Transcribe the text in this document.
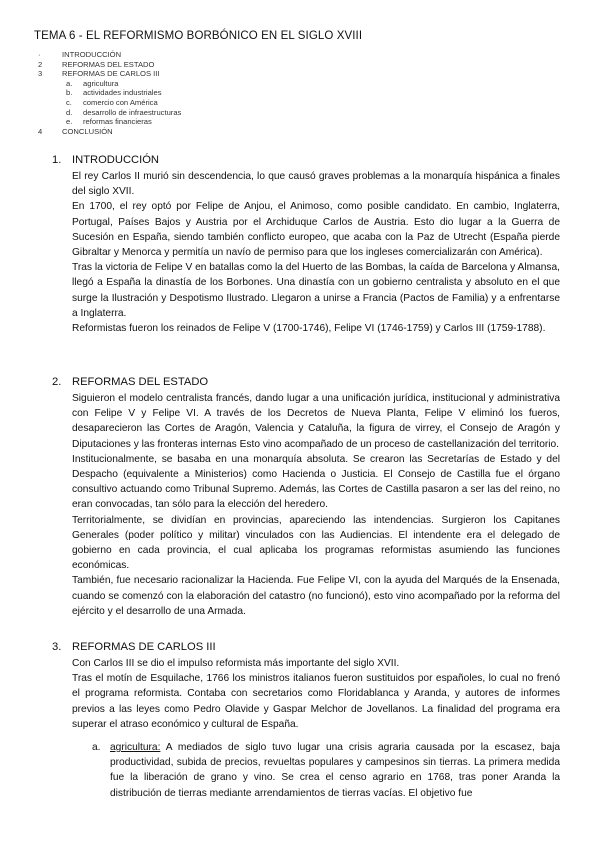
TEMA 6 - EL REFORMISMO BORBÓNICO EN EL SIGLO XVIII
·	INTRODUCCIÓN
2	REFORMAS DEL ESTADO
3	REFORMAS DE CARLOS III
a.	agricultura
b.	actividades industriales
c.	comercio con América
d.	desarrollo de infraestructuras
e.	reformas financieras
4	CONCLUSIÓN
1. INTRODUCCIÓN

El rey Carlos II murió sin descendencia, lo que causó graves problemas a la monarquía hispánica a finales del siglo XVII.

En 1700, el rey optó por Felipe de Anjou, el Animoso, como posible candidato. En cambio, Inglaterra, Portugal, Países Bajos y Austria por el Archiduque Carlos de Austria. Esto dio lugar a la Guerra de Sucesión en España, siendo también conflicto europeo, que acaba con la Paz de Utrecht (España pierde Gibraltar y Menorca y permitía un navío de permiso para que los ingleses comercializarán con América).

Tras la victoria de Felipe V en batallas como la del Huerto de las Bombas, la caída de Barcelona y Almansa, llegó a España la dinastía de los Borbones. Una dinastía con un gobierno centralista y absoluto en el que surge la Ilustración y Despotismo Ilustrado. Llegaron a unirse a Francia (Pactos de Familia) y a enfrentarse a Inglaterra.

Reformistas fueron los reinados de Felipe V (1700-1746), Felipe VI (1746-1759) y Carlos III (1759-1788).

2. REFORMAS DEL ESTADO

Siguieron el modelo centralista francés, dando lugar a una unificación jurídica, institucional y administrativa con Felipe V y Felipe VI. A través de los Decretos de Nueva Planta, Felipe V eliminó los fueros, desaparecieron las Cortes de Aragón, Valencia y Cataluña, la figura de virrey, el Consejo de Aragón y Diputaciones y las fronteras internas Esto vino acompañado de un proceso de castellanización del territorio.

Institucionalmente, se basaba en una monarquía absoluta. Se crearon las Secretarías de Estado y del Despacho (equivalente a Ministerios) como Hacienda o Justicia. El Consejo de Castilla fue el órgano consultivo actuando como Tribunal Supremo. Además, las Cortes de Castilla pasaron a ser las del reino, no eran convocadas, tan sólo para la elección del heredero.

Territorialmente, se dividían en provincias, apareciendo las intendencias. Surgieron los Capitanes Generales (poder político y militar) vinculados con las Audiencias. El intendente era el delegado de gobierno en cada provincia, el cual aplicaba los programas reformistas asumiendo las funciones económicas.

También, fue necesario racionalizar la Hacienda. Fue Felipe VI, con la ayuda del Marqués de la Ensenada, cuando se comenzó con la elaboración del catastro (no funcionó), esto vino acompañado por la reforma del ejército y el desarrollo de una Armada.

3. REFORMAS DE CARLOS III

Con Carlos III se dio el impulso reformista más importante del siglo XVII.

Tras el motín de Esquilache, 1766 los ministros italianos fueron sustituidos por españoles, lo cual no frenó el programa reformista. Contaba con secretarios como Floridablanca y Aranda, y autores de informes previos a las leyes como Pedro Olavide y Gaspar Melchor de Jovellanos. La finalidad del programa era superar el atraso económico y cultural de España.

a. agricultura: A mediados de siglo tuvo lugar una crisis agraria causada por la escasez, baja productividad, subida de precios, revueltas populares y campesinos sin tierras. La primera medida fue la liberación de grano y vino. Se crea el censo agrario en 1768, tras poner Aranda la distribución de tierras mediante arrendamientos de tierras vacías. El objetivo fue
